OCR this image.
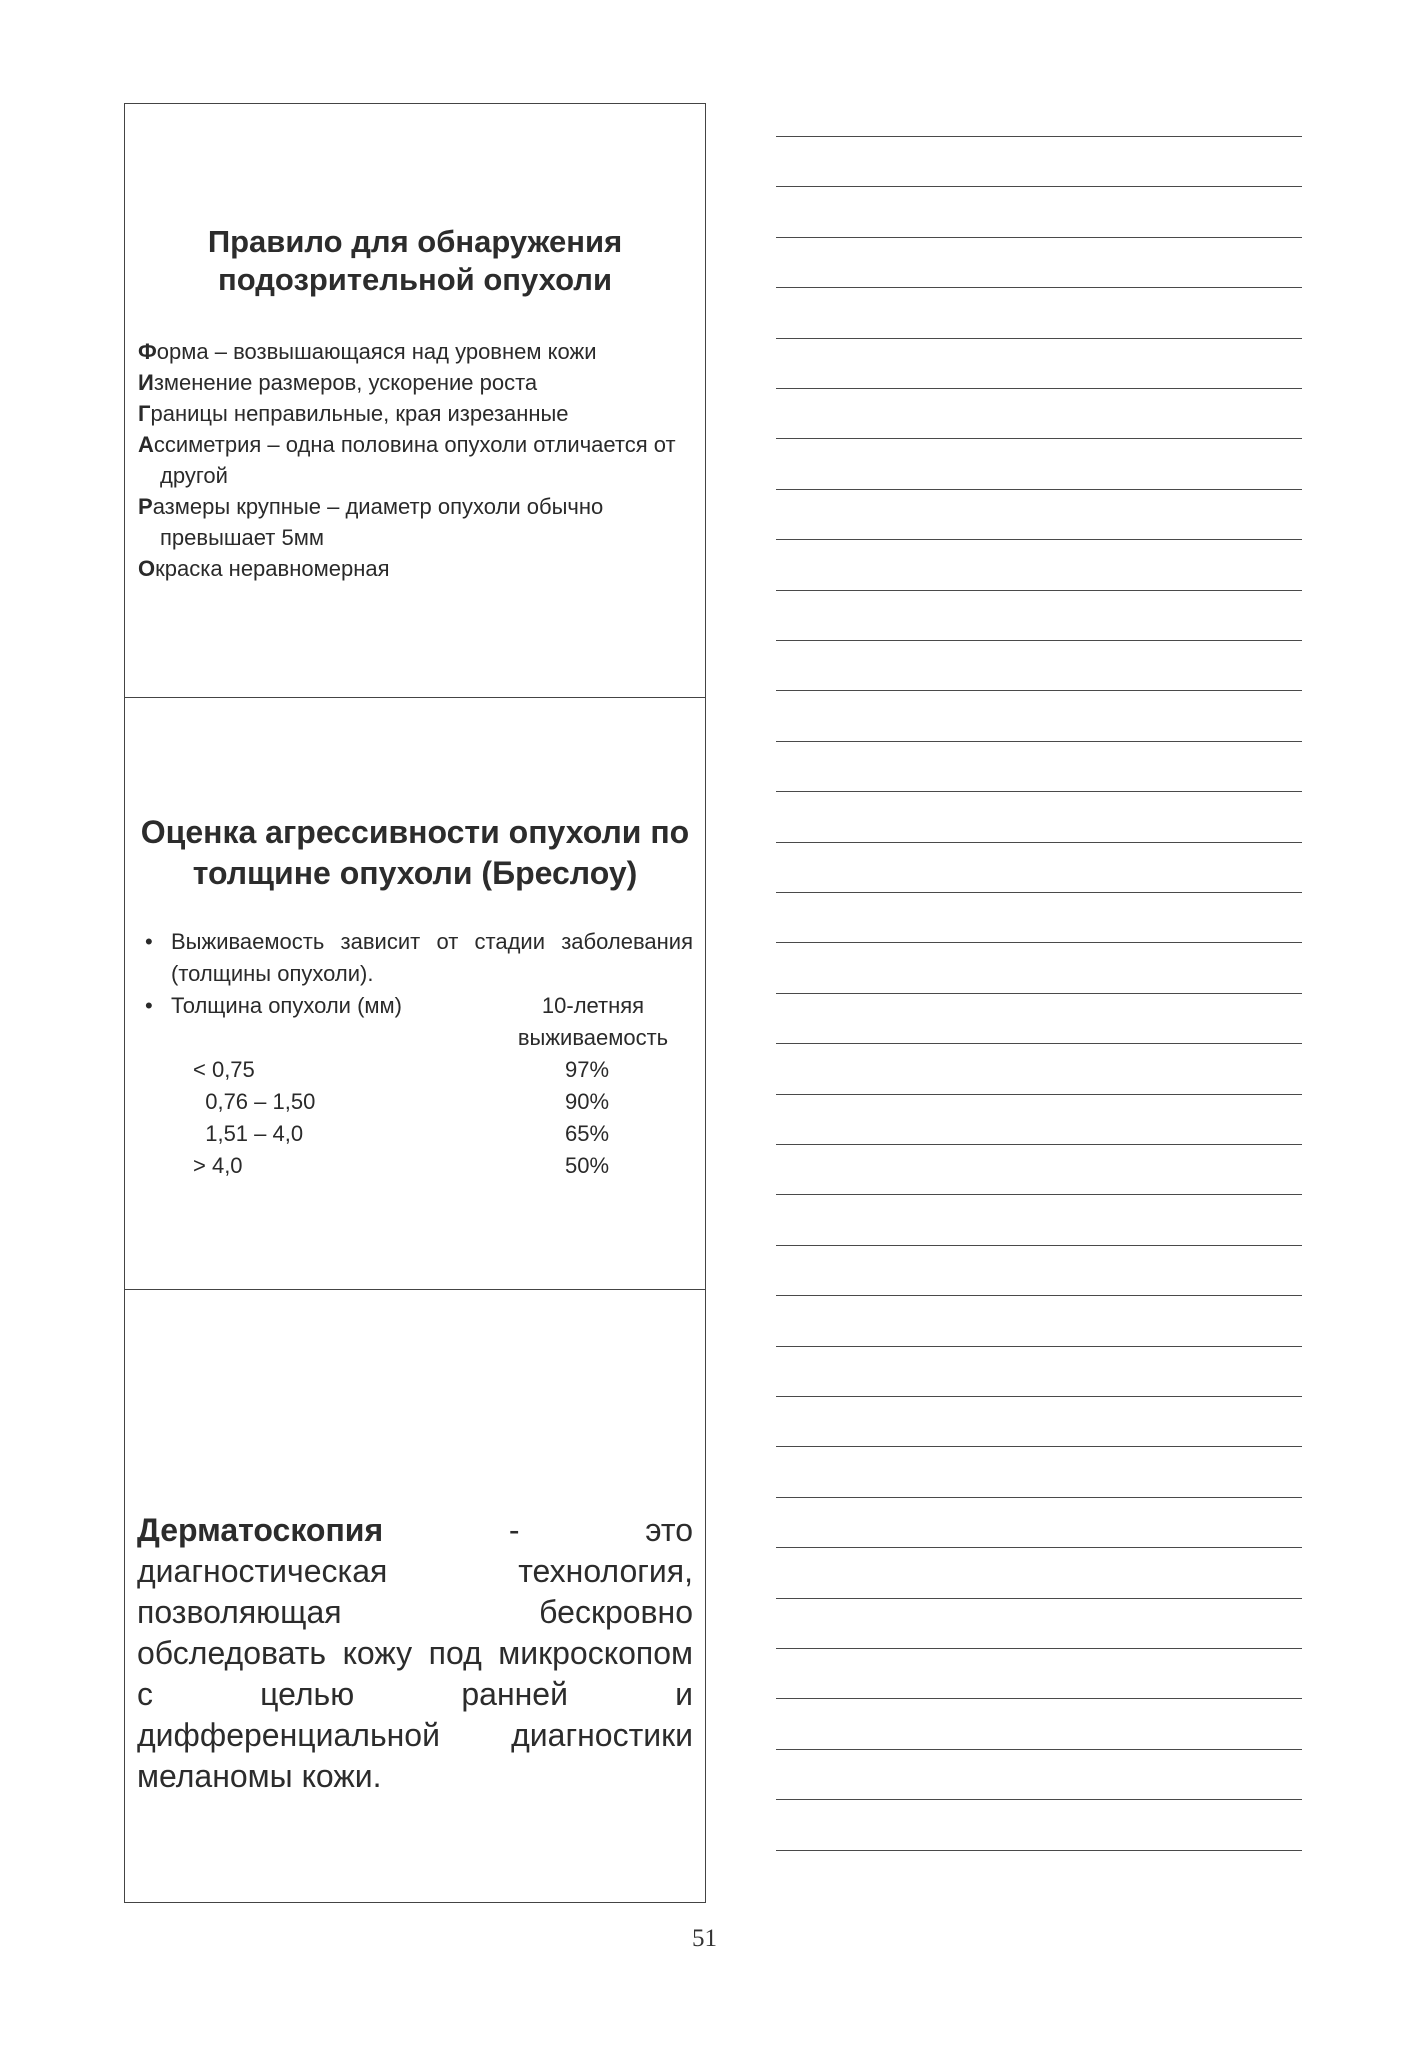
Правило для обнаружения подозрительной опухоли
Форма – возвышающаяся над уровнем кожи
Изменение размеров, ускорение роста
Границы неправильные, края изрезанные
Ассиметрия – одна половина опухоли отличается от другой
Размеры крупные – диаметр опухоли обычно превышает 5мм
Окраска неравномерная
Оценка агрессивности опухоли по толщине опухоли (Бреслоу)
• Выживаемость зависит от стадии заболевания (толщины опухоли).
• Толщина опухоли (мм)	10-летняя выживаемость
< 0,75	97%
0,76 – 1,50	90%
1,51 – 4,0	65%
> 4,0	50%

Дерматоскопия - это диагностическая технология, позволяющая бескровно обследовать кожу под микроскопом с целью ранней и дифференциальной диагностики меланомы кожи.

51
